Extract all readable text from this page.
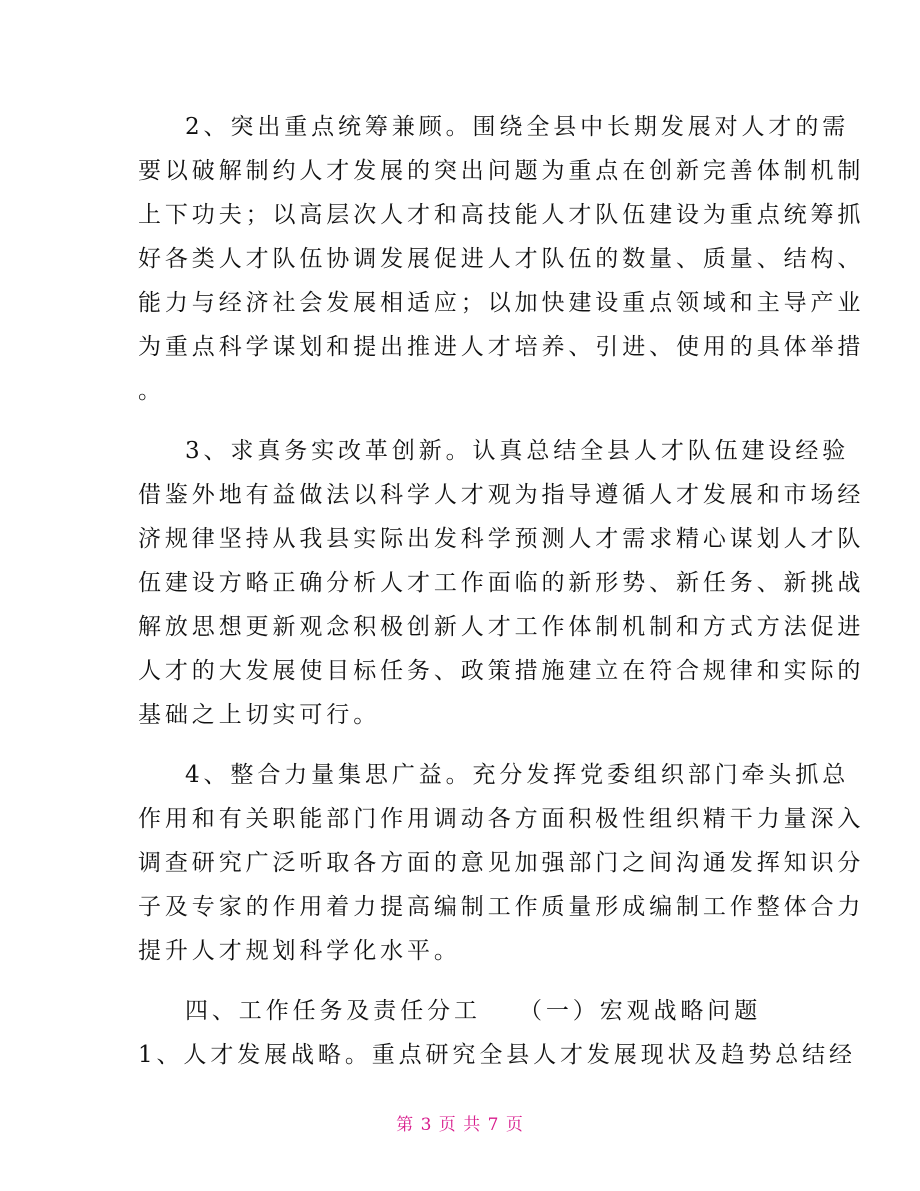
2、突出重点统筹兼顾。围绕全县中长期发展对人才的需
要以破解制约人才发展的突出问题为重点在创新完善体制机制
上下功夫；以高层次人才和高技能人才队伍建设为重点统筹抓
好各类人才队伍协调发展促进人才队伍的数量、质量、结构、
能力与经济社会发展相适应；以加快建设重点领域和主导产业
为重点科学谋划和提出推进人才培养、引进、使用的具体举措
。
3、求真务实改革创新。认真总结全县人才队伍建设经验
借鉴外地有益做法以科学人才观为指导遵循人才发展和市场经
济规律坚持从我县实际出发科学预测人才需求精心谋划人才队
伍建设方略正确分析人才工作面临的新形势、新任务、新挑战
解放思想更新观念积极创新人才工作体制机制和方式方法促进
人才的大发展使目标任务、政策措施建立在符合规律和实际的
基础之上切实可行。
4、整合力量集思广益。充分发挥党委组织部门牵头抓总
作用和有关职能部门作用调动各方面积极性组织精干力量深入
调查研究广泛听取各方面的意见加强部门之间沟通发挥知识分
子及专家的作用着力提高编制工作质量形成编制工作整体合力
提升人才规划科学化水平。
四、工作任务及责任分工　 （一）宏观战略问题
1、人才发展战略。重点研究全县人才发展现状及趋势总结经
第 3 页 共 7 页
